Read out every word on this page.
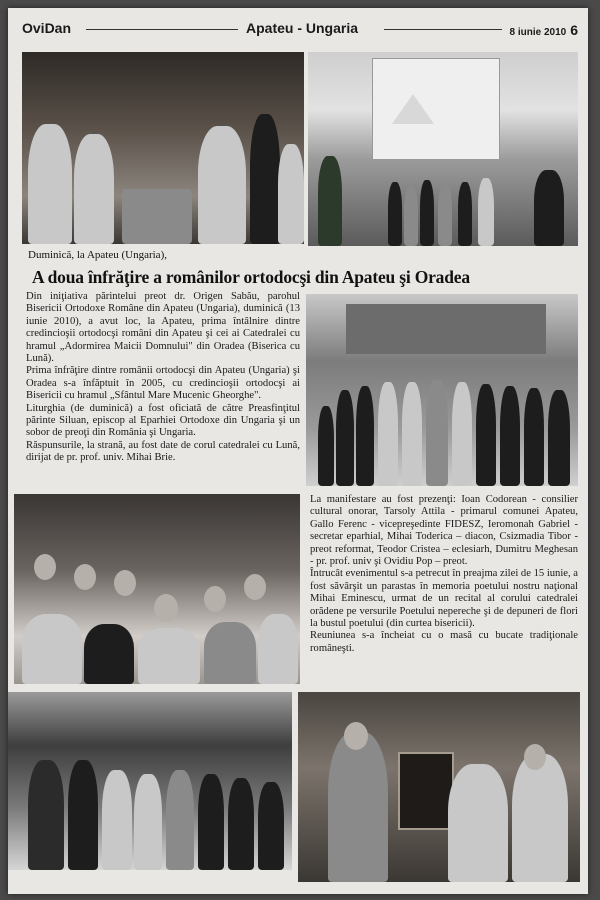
OviDan	Apateu - Ungaria	8 iunie 2010 6
Duminică, la Apateu (Ungaria),
A doua înfrăţire a românilor ortodocşi din Apateu şi Oradea

Din iniţiativa părintelui preot dr. Origen Sabău, parohul Bisericii Ortodoxe Române din Apateu (Ungaria), duminică (13 iunie 2010), a avut loc, la Apateu, prima întâlnire dintre credincioşii ortodocşi români din Apateu şi cei ai Catedralei cu hramul „Adormirea Maicii Domnului" din Oradea (Biserica cu Lună).

Prima înfrăţire dintre românii ortodocşi din Apateu (Ungaria) şi Oradea s-a înfăptuit în 2005, cu credincioşii ortodocşi ai Bisericii cu hramul „Sfântul Mare Mucenic Gheorghe".

Liturghia (de duminică) a fost oficiată de către Preasfinţitul părinte Siluan, episcop al Eparhiei Ortodoxe din Ungaria şi un sobor de preoţi din România şi Ungaria.

Răspunsurile, la strană, au fost date de corul catedralei cu Lună, dirijat de pr. prof. univ. Mihai Brie.

La manifestare au fost prezenţi: Ioan Codorean - consilier cultural onorar, Tarsoly Attila - primarul comunei Apateu, Gallo Ferenc - vicepreşedinte FIDESZ, Ieromonah Gabriel - secretar eparhial, Mihai Toderica – diacon, Csizmadia Tibor - preot reformat, Teodor Cristea – eclesiarh, Dumitru Meghesan - pr. prof. univ şi Ovidiu Pop – preot.

Întrucât evenimentul s-a petrecut în preajma zilei de 15 iunie, a fost săvârşit un parastas în memoria poetului nostru naţional Mihai Eminescu, urmat de un recital al corului catedralei orădene pe versurile Poetului nepereche şi de depuneri de flori la bustul poetului (din curtea bisericii).

Reuniunea s-a încheiat cu o masă cu bucate tradiţionale româneşti.
